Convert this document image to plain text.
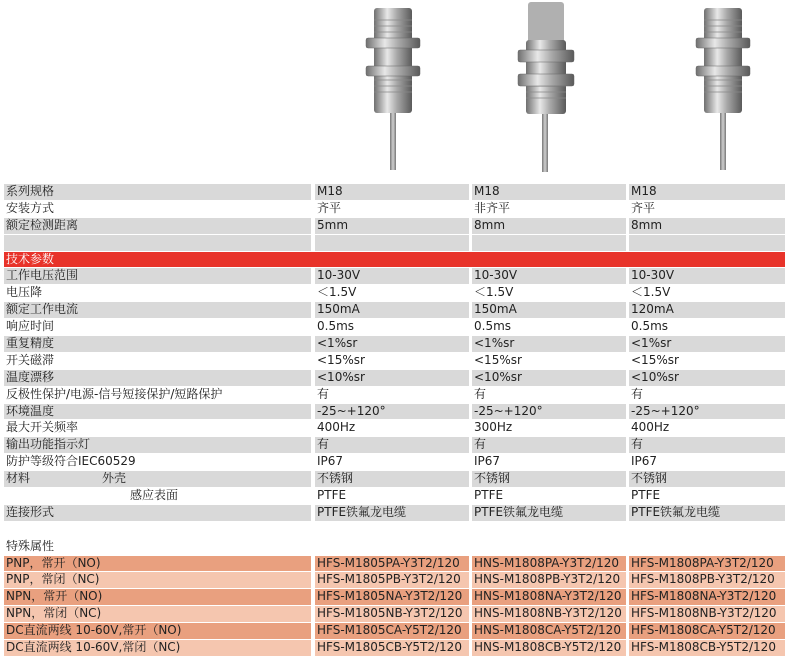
系列规格	M18	M18	M18
安装方式	齐平	非齐平	齐平
额定检测距离	5mm	8mm	8mm
技术参数
工作电压范围	10-30V	10-30V	10-30V
电压降	＜1.5V	＜1.5V	＜1.5V
额定工作电流	150mA	150mA	120mA
响应时间	0.5ms	0.5ms	0.5ms
重复精度	<1%sr	<1%sr	<1%sr
开关磁滞	<15%sr	<15%sr	<15%sr
温度漂移	<10%sr	<10%sr	<10%sr
反极性保护/电源-信号短接保护/短路保护	有	有	有
环境温度	-25~+120°	-25~+120°	-25~+120°
最大开关频率	400Hz	300Hz	400Hz
输出功能指示灯	有	有	有
防护等级符合IEC60529	IP67	IP67	IP67
材料	外壳	不锈钢	不锈钢	不锈钢
感应表面	PTFE	PTFE	PTFE
连接形式	PTFE铁氟龙电缆	PTFE铁氟龙电缆	PTFE铁氟龙电缆
特殊属性
PNP，常开（NO)	HFS-M1805PA-Y3T2/120	HNS-M1808PA-Y3T2/120 HFS-M1808PA-Y3T2/120
PNP，常闭（NC)	HFS-M1805PB-Y3T2/120	HNS-M1808PB-Y3T2/120 HFS-M1808PB-Y3T2/120
NPN，常开（NO)	HFS-M1805NA-Y3T2/120 HNS-M1808NA-Y3T2/120 HFS-M1808NA-Y3T2/120
NPN，常闭（NC)	HFS-M1805NB-Y3T2/120 HNS-M1808NB-Y3T2/120 HFS-M1808NB-Y3T2/120
DC直流两线 10-60V,常开（NO)	HFS-M1805CA-Y5T2/120	HNS-M1808CA-Y5T2/120 HFS-M1808CA-Y5T2/120
DC直流两线 10-60V,常闭（NC)	HFS-M1805CB-Y5T2/120	HNS-M1808CB-Y5T2/120 HFS-M1808CB-Y5T2/120
